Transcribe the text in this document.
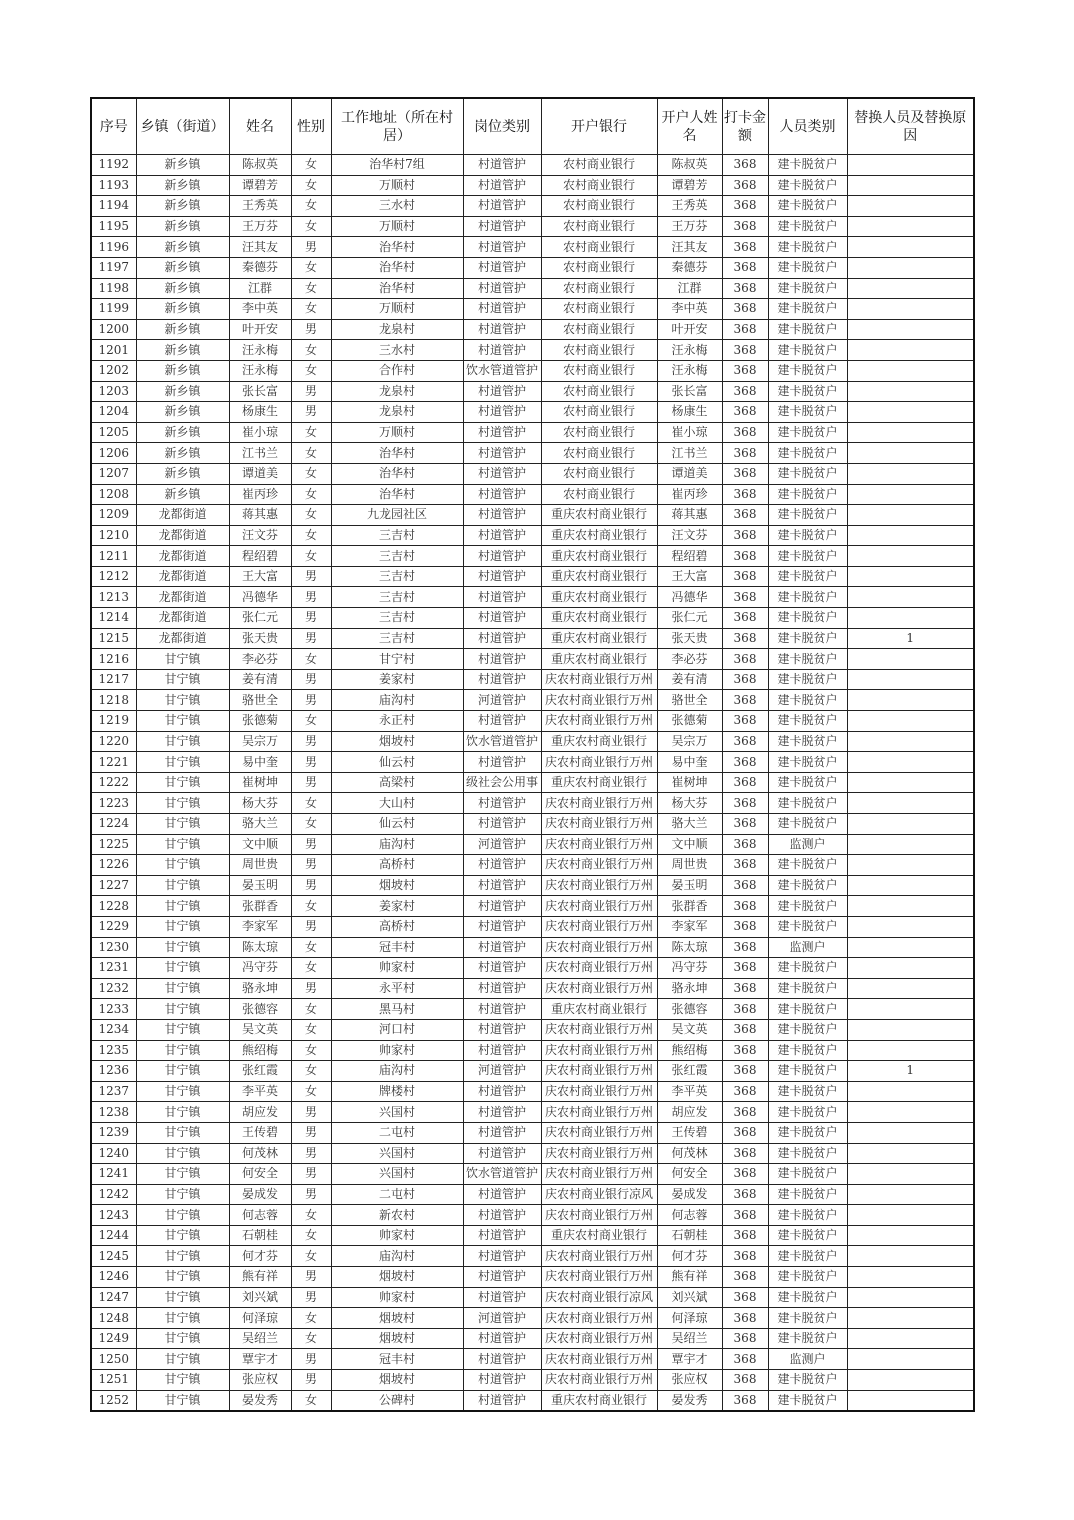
序号	乡镇（街道）	姓名	性别	工作地址（所在村居）	岗位类别	开户银行	开户人姓名	打卡金额	人员类别	替换人员及替换原因
1192	新乡镇	陈叔英	女	治华村7组	村道管护	农村商业银行	陈叔英	368	建卡脱贫户	
1193	新乡镇	谭碧芳	女	万顺村	村道管护	农村商业银行	谭碧芳	368	建卡脱贫户	
1194	新乡镇	王秀英	女	三水村	村道管护	农村商业银行	王秀英	368	建卡脱贫户	
1195	新乡镇	王万芬	女	万顺村	村道管护	农村商业银行	王万芬	368	建卡脱贫户	
1196	新乡镇	汪其友	男	治华村	村道管护	农村商业银行	汪其友	368	建卡脱贫户	
1197	新乡镇	秦德芬	女	治华村	村道管护	农村商业银行	秦德芬	368	建卡脱贫户	
1198	新乡镇	江群	女	治华村	村道管护	农村商业银行	江群	368	建卡脱贫户	
1199	新乡镇	李中英	女	万顺村	村道管护	农村商业银行	李中英	368	建卡脱贫户	
1200	新乡镇	叶开安	男	龙泉村	村道管护	农村商业银行	叶开安	368	建卡脱贫户	
1201	新乡镇	汪永梅	女	三水村	村道管护	农村商业银行	汪永梅	368	建卡脱贫户	
1202	新乡镇	汪永梅	女	合作村	饮水管道管护	农村商业银行	汪永梅	368	建卡脱贫户	
1203	新乡镇	张长富	男	龙泉村	村道管护	农村商业银行	张长富	368	建卡脱贫户	
1204	新乡镇	杨康生	男	龙泉村	村道管护	农村商业银行	杨康生	368	建卡脱贫户	
1205	新乡镇	崔小琼	女	万顺村	村道管护	农村商业银行	崔小琼	368	建卡脱贫户	
1206	新乡镇	江书兰	女	治华村	村道管护	农村商业银行	江书兰	368	建卡脱贫户	
1207	新乡镇	谭道美	女	治华村	村道管护	农村商业银行	谭道美	368	建卡脱贫户	
1208	新乡镇	崔丙珍	女	治华村	村道管护	农村商业银行	崔丙珍	368	建卡脱贫户	
1209	龙都街道	蒋其惠	女	九龙园社区	村道管护	重庆农村商业银行	蒋其惠	368	建卡脱贫户	
1210	龙都街道	汪文芬	女	三吉村	村道管护	重庆农村商业银行	汪文芬	368	建卡脱贫户	
1211	龙都街道	程绍碧	女	三吉村	村道管护	重庆农村商业银行	程绍碧	368	建卡脱贫户	
1212	龙都街道	王大富	男	三吉村	村道管护	重庆农村商业银行	王大富	368	建卡脱贫户	
1213	龙都街道	冯德华	男	三吉村	村道管护	重庆农村商业银行	冯德华	368	建卡脱贫户	
1214	龙都街道	张仁元	男	三吉村	村道管护	重庆农村商业银行	张仁元	368	建卡脱贫户	
1215	龙都街道	张天贵	男	三吉村	村道管护	重庆农村商业银行	张天贵	368	建卡脱贫户	1
1216	甘宁镇	李必芬	女	甘宁村	村道管护	重庆农村商业银行	李必芬	368	建卡脱贫户	
1217	甘宁镇	姜有清	男	姜家村	村道管护	庆农村商业银行万州	姜有清	368	建卡脱贫户	
1218	甘宁镇	骆世全	男	庙沟村	河道管护	庆农村商业银行万州	骆世全	368	建卡脱贫户	
1219	甘宁镇	张德菊	女	永正村	村道管护	庆农村商业银行万州	张德菊	368	建卡脱贫户	
1220	甘宁镇	吴宗万	男	烟坡村	饮水管道管护	重庆农村商业银行	吴宗万	368	建卡脱贫户	
1221	甘宁镇	易中奎	男	仙云村	村道管护	庆农村商业银行万州	易中奎	368	建卡脱贫户	
1222	甘宁镇	崔树坤	男	高梁村	级社会公用事	重庆农村商业银行	崔树坤	368	建卡脱贫户	
1223	甘宁镇	杨大芬	女	大山村	村道管护	庆农村商业银行万州	杨大芬	368	建卡脱贫户	
1224	甘宁镇	骆大兰	女	仙云村	村道管护	庆农村商业银行万州	骆大兰	368	建卡脱贫户	
1225	甘宁镇	文中顺	男	庙沟村	河道管护	庆农村商业银行万州	文中顺	368	监测户	
1226	甘宁镇	周世贵	男	高桥村	村道管护	庆农村商业银行万州	周世贵	368	建卡脱贫户	
1227	甘宁镇	晏玉明	男	烟坡村	村道管护	庆农村商业银行万州	晏玉明	368	建卡脱贫户	
1228	甘宁镇	张群香	女	姜家村	村道管护	庆农村商业银行万州	张群香	368	建卡脱贫户	
1229	甘宁镇	李家军	男	高桥村	村道管护	庆农村商业银行万州	李家军	368	建卡脱贫户	
1230	甘宁镇	陈太琼	女	冠丰村	村道管护	庆农村商业银行万州	陈太琼	368	监测户	
1231	甘宁镇	冯守芬	女	帅家村	村道管护	庆农村商业银行万州	冯守芬	368	建卡脱贫户	
1232	甘宁镇	骆永坤	男	永平村	村道管护	庆农村商业银行万州	骆永坤	368	建卡脱贫户	
1233	甘宁镇	张德容	女	黑马村	村道管护	重庆农村商业银行	张德容	368	建卡脱贫户	
1234	甘宁镇	吴文英	女	河口村	村道管护	庆农村商业银行万州	吴文英	368	建卡脱贫户	
1235	甘宁镇	熊绍梅	女	帅家村	村道管护	庆农村商业银行万州	熊绍梅	368	建卡脱贫户	
1236	甘宁镇	张红霞	女	庙沟村	河道管护	庆农村商业银行万州	张红霞	368	建卡脱贫户	1
1237	甘宁镇	李平英	女	牌楼村	村道管护	庆农村商业银行万州	李平英	368	建卡脱贫户	
1238	甘宁镇	胡应发	男	兴国村	村道管护	庆农村商业银行万州	胡应发	368	建卡脱贫户	
1239	甘宁镇	王传碧	男	二屯村	村道管护	庆农村商业银行万州	王传碧	368	建卡脱贫户	
1240	甘宁镇	何茂林	男	兴国村	村道管护	庆农村商业银行万州	何茂林	368	建卡脱贫户	
1241	甘宁镇	何安全	男	兴国村	饮水管道管护	庆农村商业银行万州	何安全	368	建卡脱贫户	
1242	甘宁镇	晏成发	男	二屯村	村道管护	庆农村商业银行凉风	晏成发	368	建卡脱贫户	
1243	甘宁镇	何志蓉	女	新农村	村道管护	庆农村商业银行万州	何志蓉	368	建卡脱贫户	
1244	甘宁镇	石朝桂	女	帅家村	村道管护	重庆农村商业银行	石朝桂	368	建卡脱贫户	
1245	甘宁镇	何才芬	女	庙沟村	村道管护	庆农村商业银行万州	何才芬	368	建卡脱贫户	
1246	甘宁镇	熊有祥	男	烟坡村	村道管护	庆农村商业银行万州	熊有祥	368	建卡脱贫户	
1247	甘宁镇	刘兴斌	男	帅家村	村道管护	庆农村商业银行凉风	刘兴斌	368	建卡脱贫户	
1248	甘宁镇	何泽琼	女	烟坡村	河道管护	庆农村商业银行万州	何泽琼	368	建卡脱贫户	
1249	甘宁镇	吴绍兰	女	烟坡村	村道管护	庆农村商业银行万州	吴绍兰	368	建卡脱贫户	
1250	甘宁镇	覃宇才	男	冠丰村	村道管护	庆农村商业银行万州	覃宇才	368	监测户	
1251	甘宁镇	张应权	男	烟坡村	村道管护	庆农村商业银行万州	张应权	368	建卡脱贫户	
1252	甘宁镇	晏发秀	女	公碑村	村道管护	重庆农村商业银行	晏发秀	368	建卡脱贫户	
